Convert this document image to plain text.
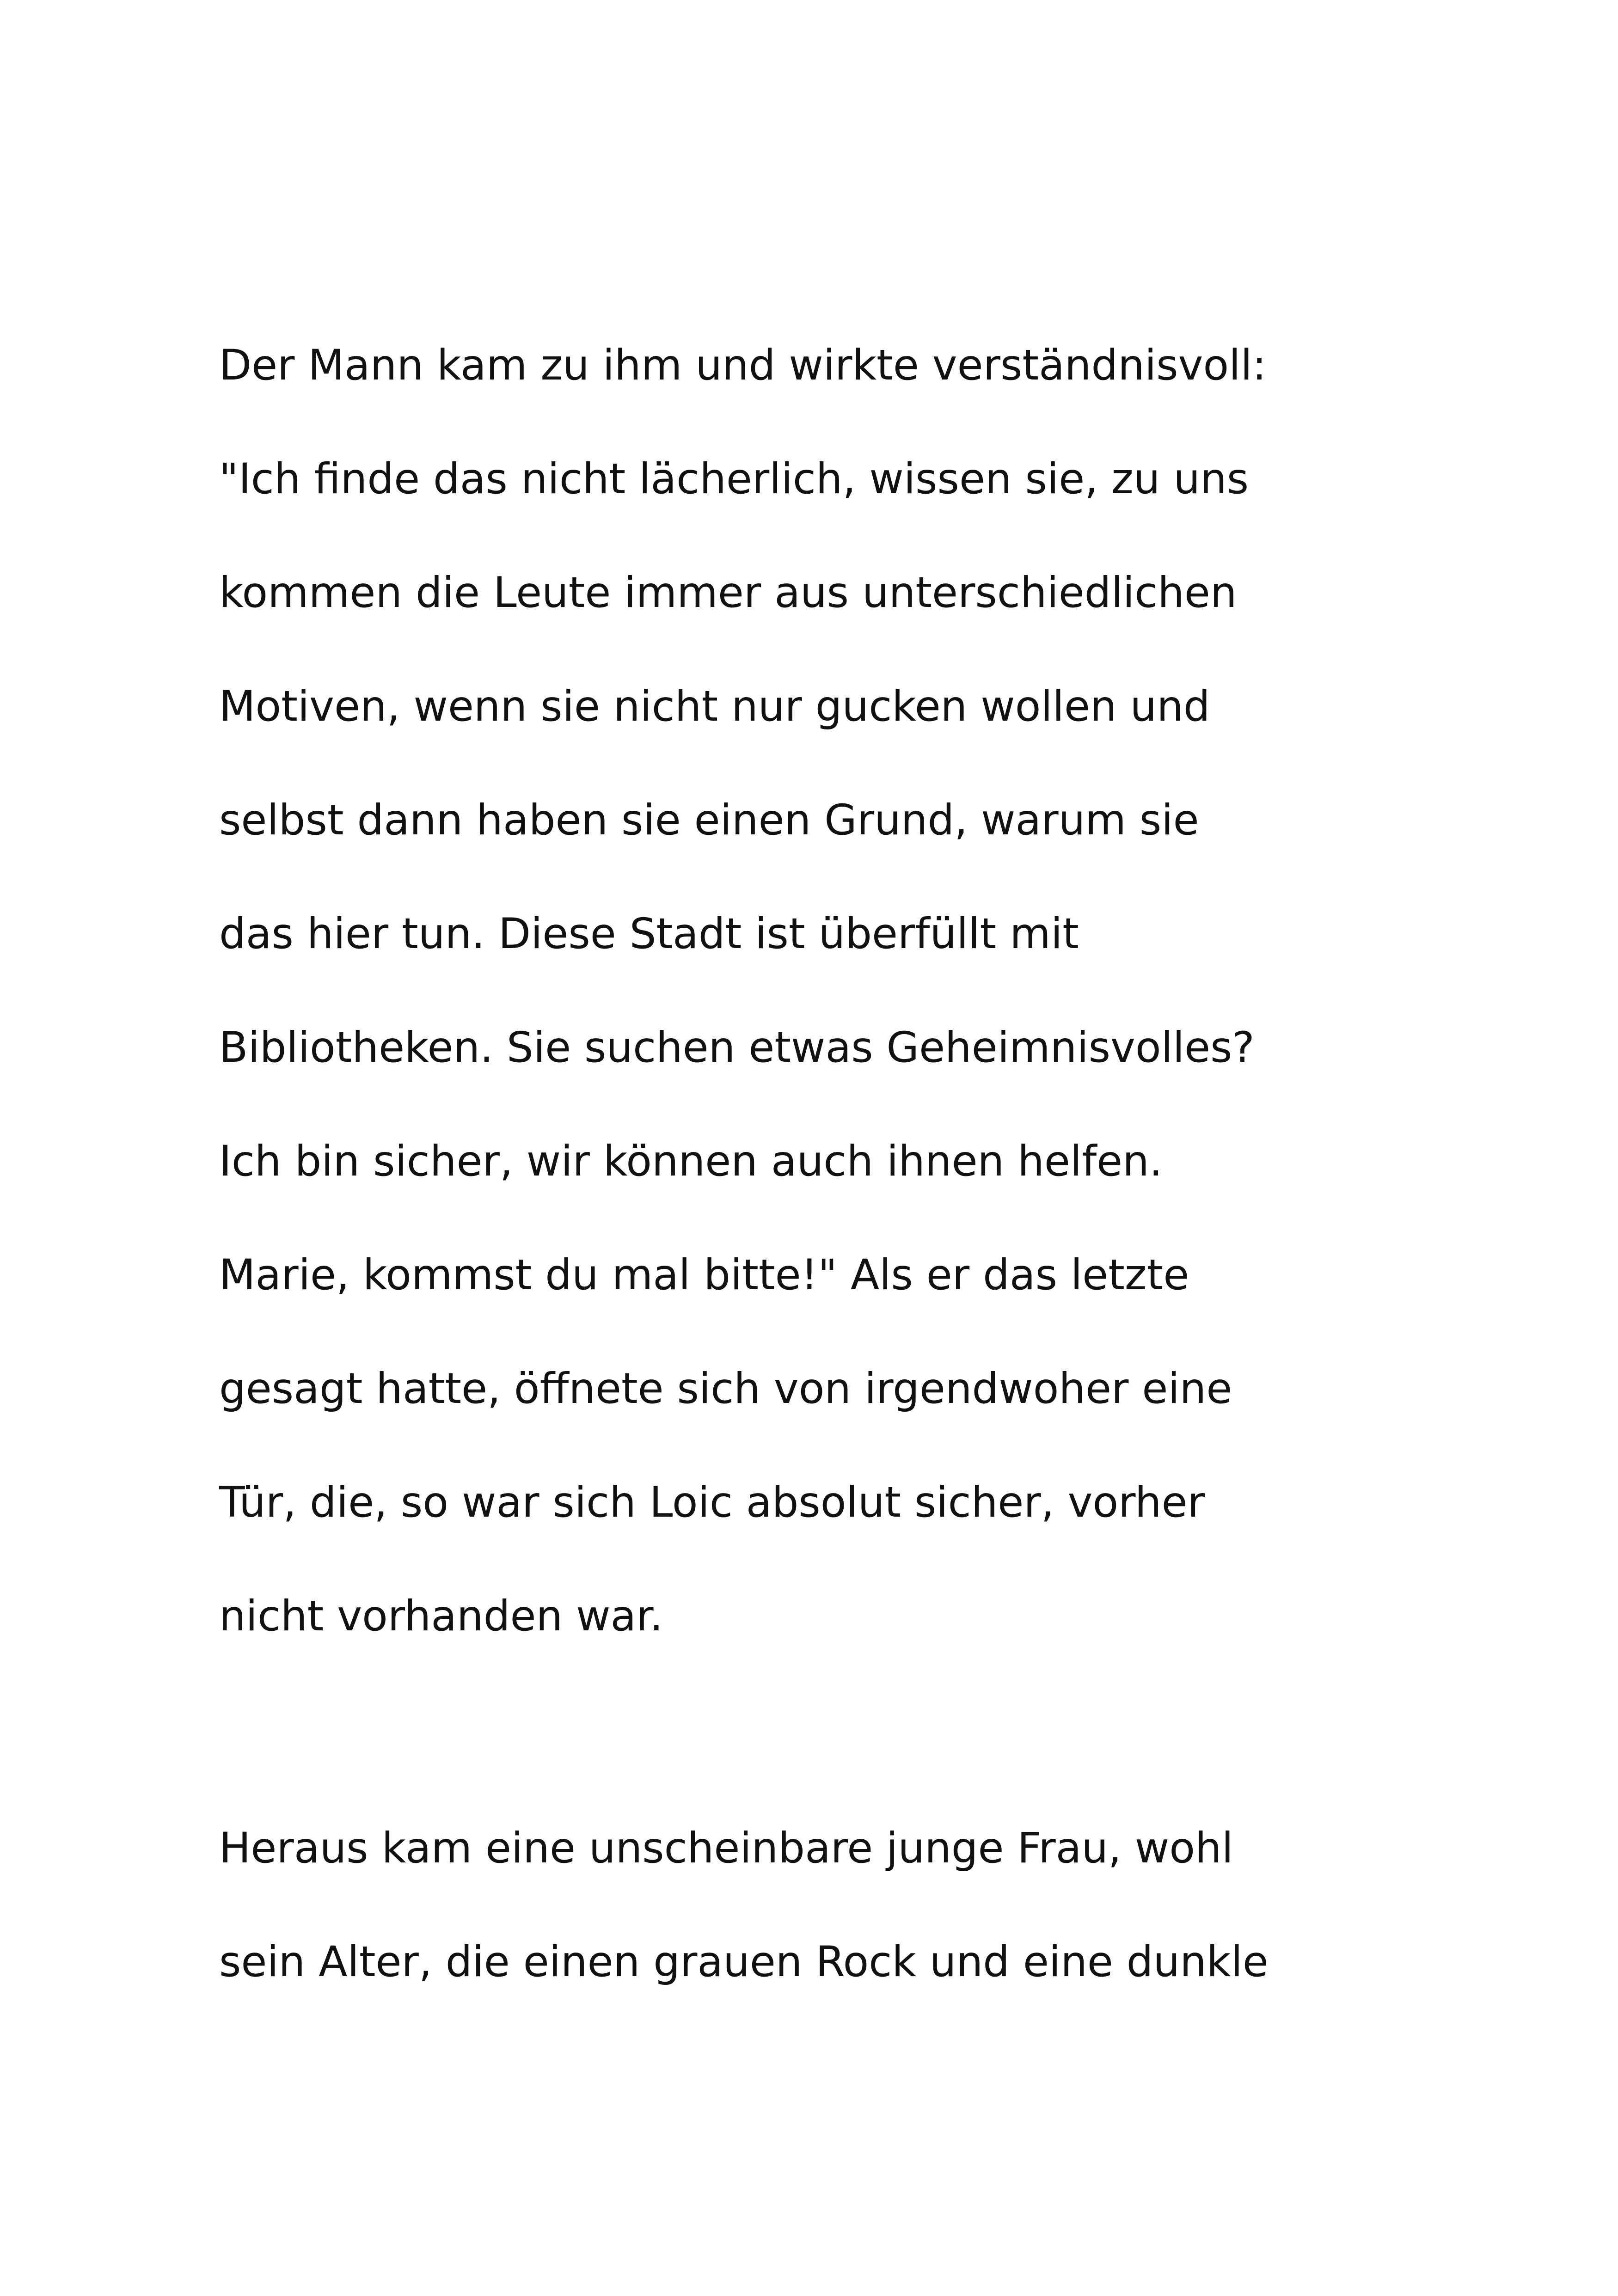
Der Mann kam zu ihm und wirkte verständnisvoll:
"Ich finde das nicht lächerlich, wissen sie, zu uns
kommen die Leute immer aus unterschiedlichen
Motiven, wenn sie nicht nur gucken wollen und
selbst dann haben sie einen Grund, warum sie
das hier tun. Diese Stadt ist überfüllt mit
Bibliotheken. Sie suchen etwas Geheimnisvolles?
Ich bin sicher, wir können auch ihnen helfen.
Marie, kommst du mal bitte!" Als er das letzte
gesagt hatte, öffnete sich von irgendwoher eine
Tür, die, so war sich Loic absolut sicher, vorher
nicht vorhanden war.
Heraus kam eine unscheinbare junge Frau, wohl
sein Alter, die einen grauen Rock und eine dunkle
